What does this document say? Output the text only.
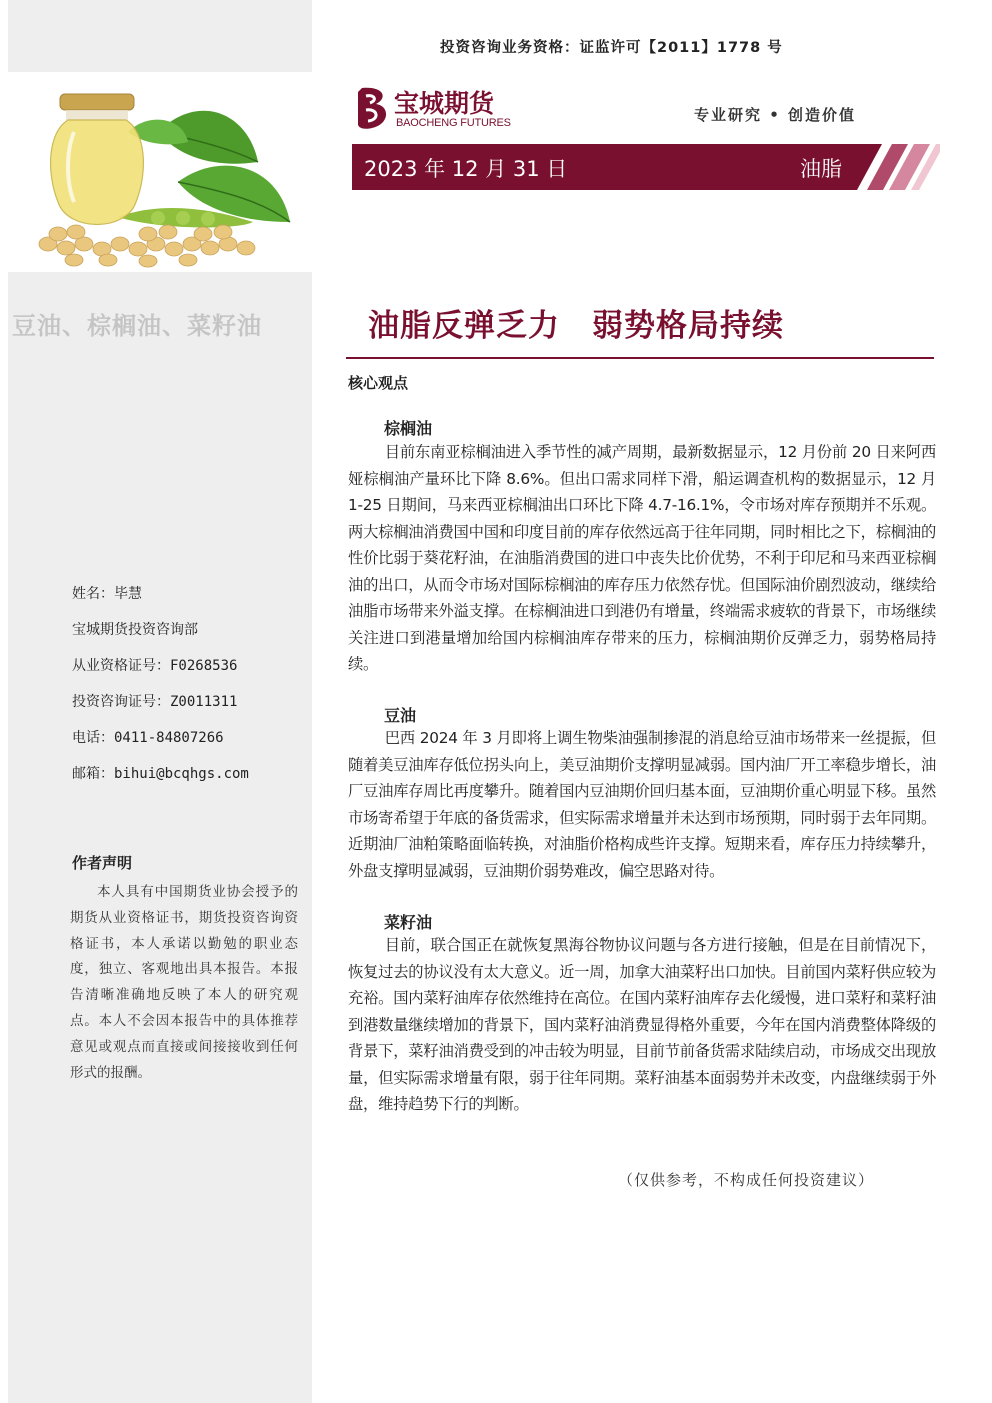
豆油、棕榈油、菜籽油
姓名：毕慧
宝城期货投资咨询部
从业资格证号：F0268536
投资咨询证号：Z0011311
电话：0411-84807266
邮箱：bihui@bcqhgs.com
作者声明
本人具有中国期货业协会授予的期货从业资格证书，期货投资咨询资格证书，本人承诺以勤勉的职业态度，独立、客观地出具本报告。本报告清晰准确地反映了本人的研究观点。本人不会因本报告中的具体推荐意见或观点而直接或间接接收到任何形式的报酬。
投资咨询业务资格：证监许可【2011】1778 号
宝城期货
BAOCHENG FUTURES	专业研究 • 创造价值
2023 年 12 月 31 日	油脂
油脂反弹乏力　弱势格局持续
核心观点
棕榈油
目前东南亚棕榈油进入季节性的减产周期，最新数据显示，12 月份前 20 日来阿西娅棕榈油产量环比下降 8.6%。但出口需求同样下滑，船运调查机构的数据显示，12 月 1-25 日期间，马来西亚棕榈油出口环比下降 4.7-16.1%，令市场对库存预期并不乐观。两大棕榈油消费国中国和印度目前的库存依然远高于往年同期，同时相比之下，棕榈油的性价比弱于葵花籽油，在油脂消费国的进口中丧失比价优势，不利于印尼和马来西亚棕榈油的出口，从而令市场对国际棕榈油的库存压力依然存忧。但国际油价剧烈波动，继续给油脂市场带来外溢支撑。在棕榈油进口到港仍有增量，终端需求疲软的背景下，市场继续关注进口到港量增加给国内棕榈油库存带来的压力，棕榈油期价反弹乏力，弱势格局持续。
豆油
巴西 2024 年 3 月即将上调生物柴油强制掺混的消息给豆油市场带来一丝提振，但随着美豆油库存低位拐头向上，美豆油期价支撑明显减弱。国内油厂开工率稳步增长，油厂豆油库存周比再度攀升。随着国内豆油期价回归基本面，豆油期价重心明显下移。虽然市场寄希望于年底的备货需求，但实际需求增量并未达到市场预期，同时弱于去年同期。近期油厂油粕策略面临转换，对油脂价格构成些许支撑。短期来看，库存压力持续攀升，外盘支撑明显减弱，豆油期价弱势难改，偏空思路对待。
菜籽油
目前，联合国正在就恢复黑海谷物协议问题与各方进行接触，但是在目前情况下，恢复过去的协议没有太大意义。近一周，加拿大油菜籽出口加快。目前国内菜籽供应较为充裕。国内菜籽油库存依然维持在高位。在国内菜籽油库存去化缓慢，进口菜籽和菜籽油到港数量继续增加的背景下，国内菜籽油消费显得格外重要，今年在国内消费整体降级的背景下，菜籽油消费受到的冲击较为明显，目前节前备货需求陆续启动，市场成交出现放量，但实际需求增量有限，弱于往年同期。菜籽油基本面弱势并未改变，内盘继续弱于外盘，维持趋势下行的判断。
（仅供参考，不构成任何投资建议）
